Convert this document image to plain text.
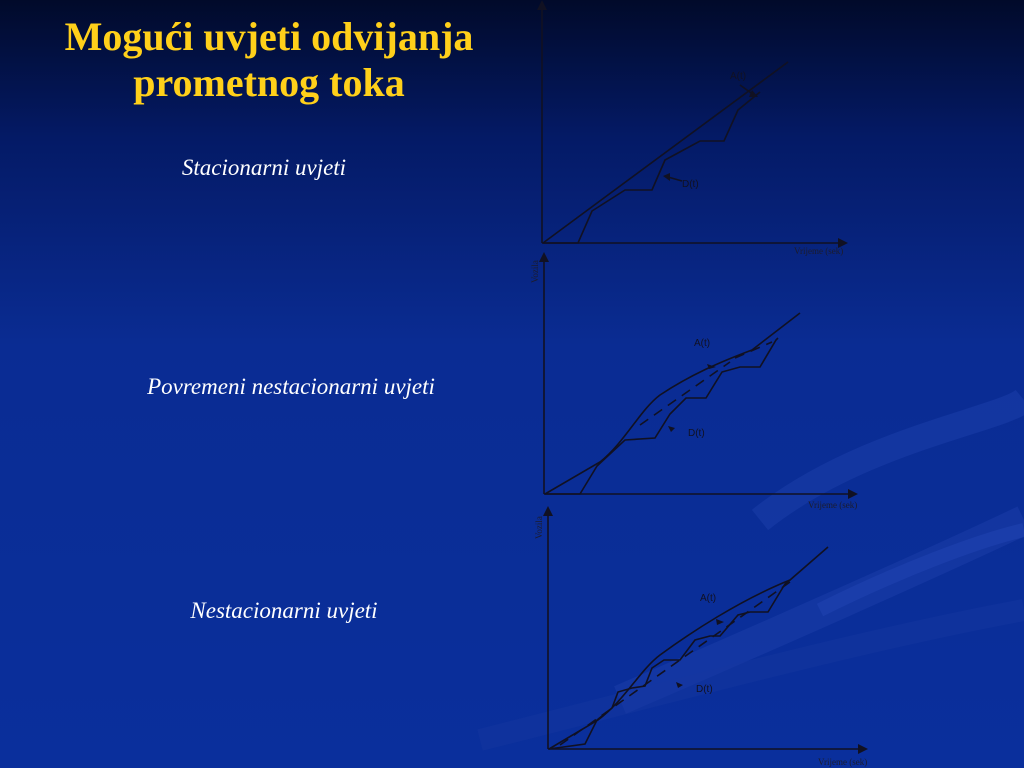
Mogući uvjeti odvijanja prometnog toka

Stacionarni uvjeti

Povremeni nestacionarni uvjeti

Nestacionarni uvjeti

A(t)
D(t)
Vrijeme (sek)
A(t)
D(t)
Vrijeme (sek)
Vozila
A(t)
D(t)
Vrijeme (sek)
Vozila
